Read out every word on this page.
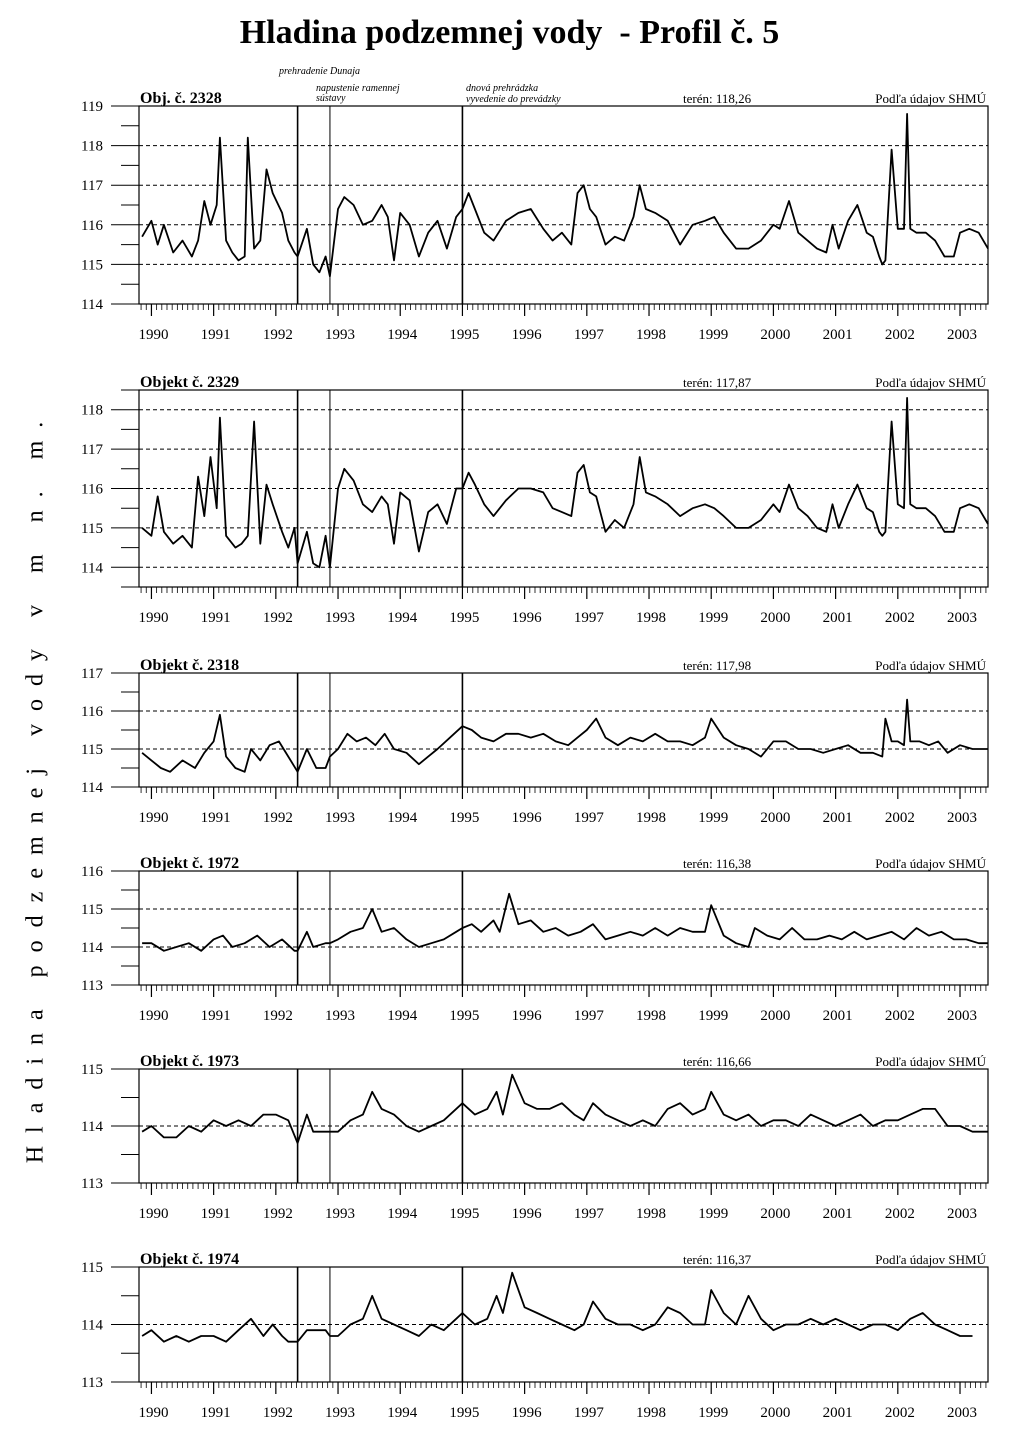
Hladina podzemnej vody  - Profil č. 5
Hladina podzemnej vody v m n. m.
prehradenie Dunaja
napustenie ramennej
sústavy
dnová prehrádzka
vyvedenie do prevádzky
114
115
116
117
118
119
1990 1991 1992 1993 1994 1995 1996 1997 1998 1999 2000 2001 2002 2003
Obj. č. 2328	terén: 118,26	Podľa údajov SHMÚ
114
115
116
117
118
1990 1991 1992 1993 1994 1995 1996 1997 1998 1999 2000 2001 2002 2003
Objekt č. 2329	terén: 117,87	Podľa údajov SHMÚ
114
115
116
117
1990 1991 1992 1993 1994 1995 1996 1997 1998 1999 2000 2001 2002 2003
Objekt č. 2318	terén: 117,98	Podľa údajov SHMÚ
113
114
115
116
1990 1991 1992 1993 1994 1995 1996 1997 1998 1999 2000 2001 2002 2003
Objekt č. 1972	terén: 116,38	Podľa údajov SHMÚ
113
114
115
1990 1991 1992 1993 1994 1995 1996 1997 1998 1999 2000 2001 2002 2003
Objekt č. 1973	terén: 116,66	Podľa údajov SHMÚ
113
114
115
1990 1991 1992 1993 1994 1995 1996 1997 1998 1999 2000 2001 2002 2003
Objekt č. 1974	terén: 116,37	Podľa údajov SHMÚ
